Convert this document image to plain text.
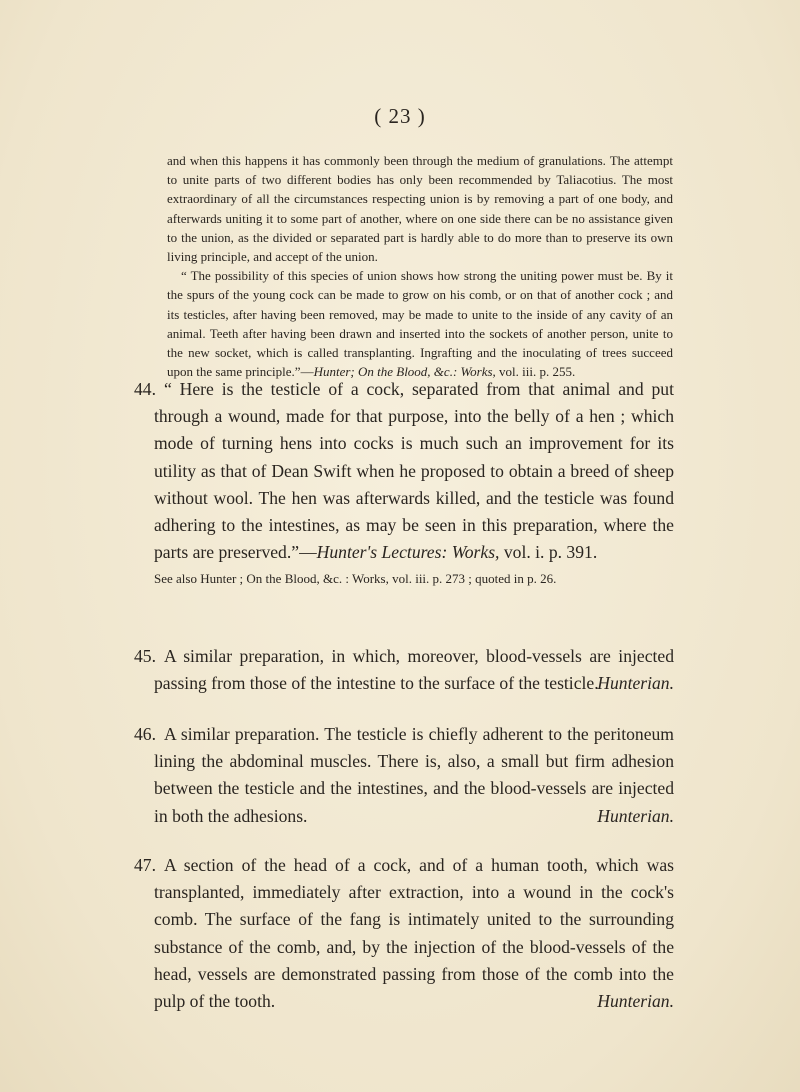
( 23 )

and when this happens it has commonly been through the medium of granulations. The attempt to unite parts of two different bodies has only been recommended by Taliacotius. The most extraordinary of all the circumstances respecting union is by removing a part of one body, and afterwards uniting it to some part of another, where on one side there can be no assistance given to the union, as the divided or separated part is hardly able to do more than to preserve its own living principle, and accept of the union.

“ The possibility of this species of union shows how strong the uniting power must be. By it the spurs of the young cock can be made to grow on his comb, or on that of another cock ; and its testicles, after having been removed, may be made to unite to the inside of any cavity of an animal. Teeth after having been drawn and inserted into the sockets of another person, unite to the new socket, which is called transplanting. Ingrafting and the inoculating of trees succeed upon the same principle.”—Hunter; On the Blood, &c.: Works, vol. iii. p. 255.

44. “ Here is the testicle of a cock, separated from that animal and put through a wound, made for that purpose, into the belly of a hen ; which mode of turning hens into cocks is much such an improvement for its utility as that of Dean Swift when he proposed to obtain a breed of sheep without wool. The hen was afterwards killed, and the testicle was found adhering to the intestines, as may be seen in this preparation, where the parts are preserved.”—Hunter's Lectures: Works, vol. i. p. 391.

See also Hunter ; On the Blood, &c. : Works, vol. iii. p. 273 ; quoted in p. 26.

45. A similar preparation, in which, moreover, blood-vessels are injected passing from those of the intestine to the surface of the testicle.
Hunterian.

46. A similar preparation. The testicle is chiefly adherent to the peritoneum lining the abdominal muscles. There is, also, a small but firm adhesion between the testicle and the intestines, and the blood-vessels are injected in both the adhesions.	Hunterian.

47. A section of the head of a cock, and of a human tooth, which was transplanted, immediately after extraction, into a wound in the cock's comb. The surface of the fang is intimately united to the surrounding substance of the comb, and, by the injection of the blood-vessels of the head, vessels are demonstrated passing from those of the comb into the pulp of the tooth.	Hunterian.
